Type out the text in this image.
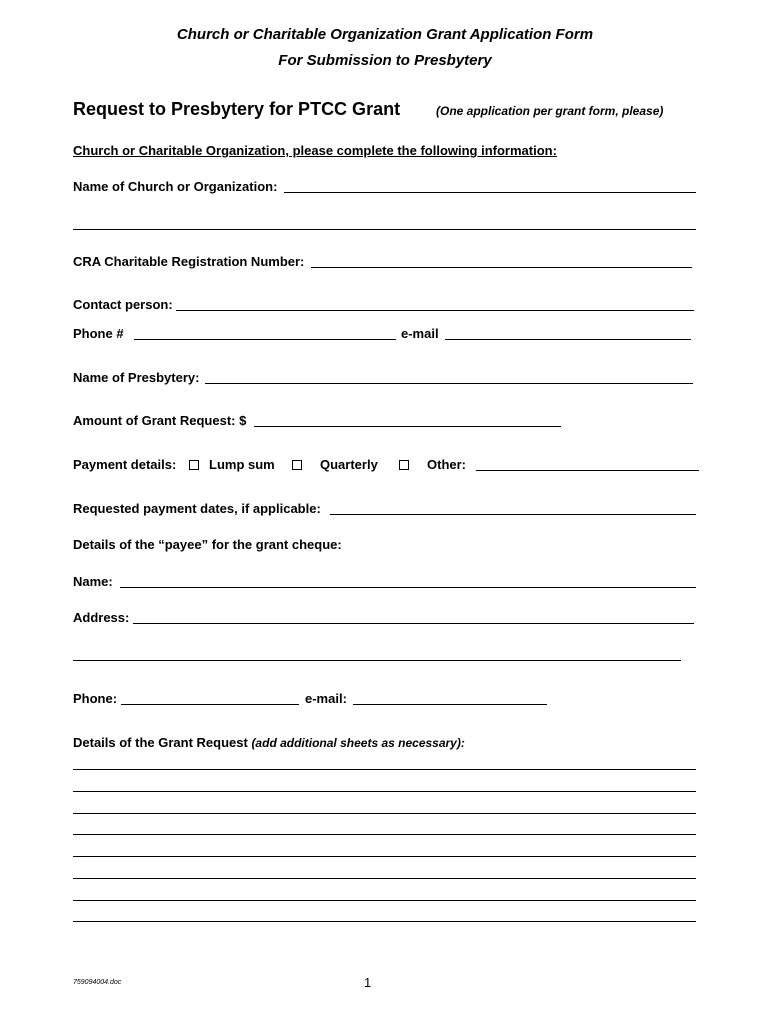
Church or Charitable Organization Grant Application Form
For Submission to Presbytery
Request to Presbytery for PTCC Grant	(One application per grant form, please)
Church or Charitable Organization, please complete the following information:
Name of Church or Organization:
CRA Charitable Registration Number:
Contact person:
Phone #	e-mail
Name of Presbytery:
Amount of Grant Request: $
Payment details:	Lump sum	Quarterly	Other:
Requested payment dates, if applicable:
Details of the “payee” for the grant cheque:
Name:
Address:
Phone:	e-mail:
Details of the Grant Request (add additional sheets as necessary):
759094004.doc	1
